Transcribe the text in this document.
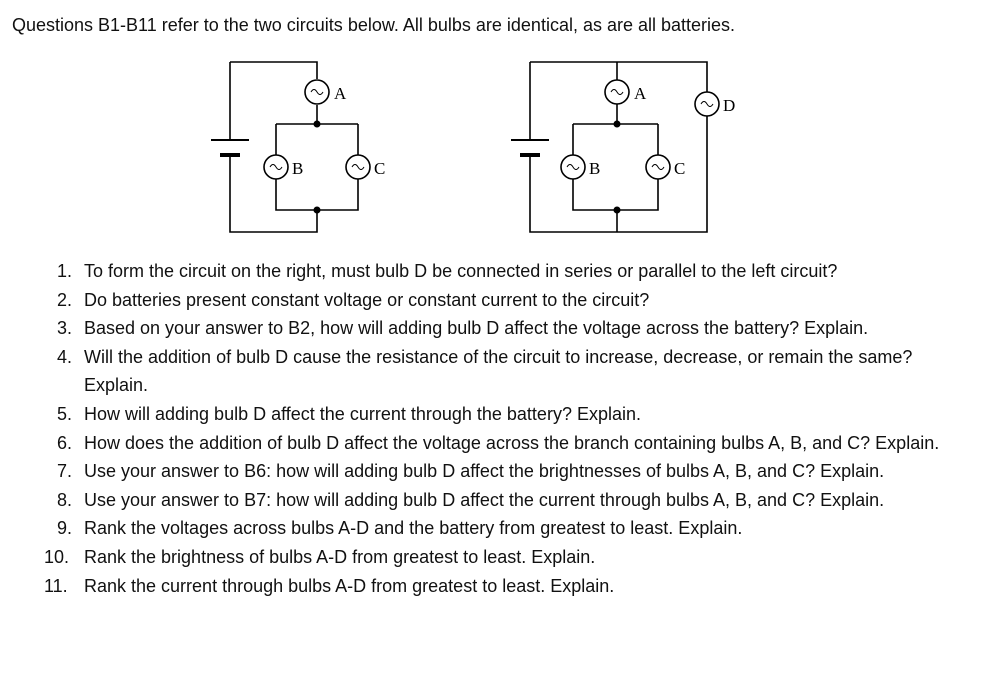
Questions B1-B11 refer to the two circuits below. All bulbs are identical, as are all batteries.

A
B	C
A
B	C
D
1. To form the circuit on the right, must bulb D be connected in series or parallel to the left circuit?
2. Do batteries present constant voltage or constant current to the circuit?
3. Based on your answer to B2, how will adding bulb D affect the voltage across the battery? Explain.
4. Will the addition of bulb D cause the resistance of the circuit to increase, decrease, or remain the same? Explain.
5. How will adding bulb D affect the current through the battery? Explain.
6. How does the addition of bulb D affect the voltage across the branch containing bulbs A, B, and C? Explain.
7. Use your answer to B6: how will adding bulb D affect the brightnesses of bulbs A, B, and C? Explain.
8. Use your answer to B7: how will adding bulb D affect the current through bulbs A, B, and C? Explain.
9. Rank the voltages across bulbs A-D and the battery from greatest to least. Explain.
10. Rank the brightness of bulbs A-D from greatest to least. Explain.
11. Rank the current through bulbs A-D from greatest to least. Explain.
